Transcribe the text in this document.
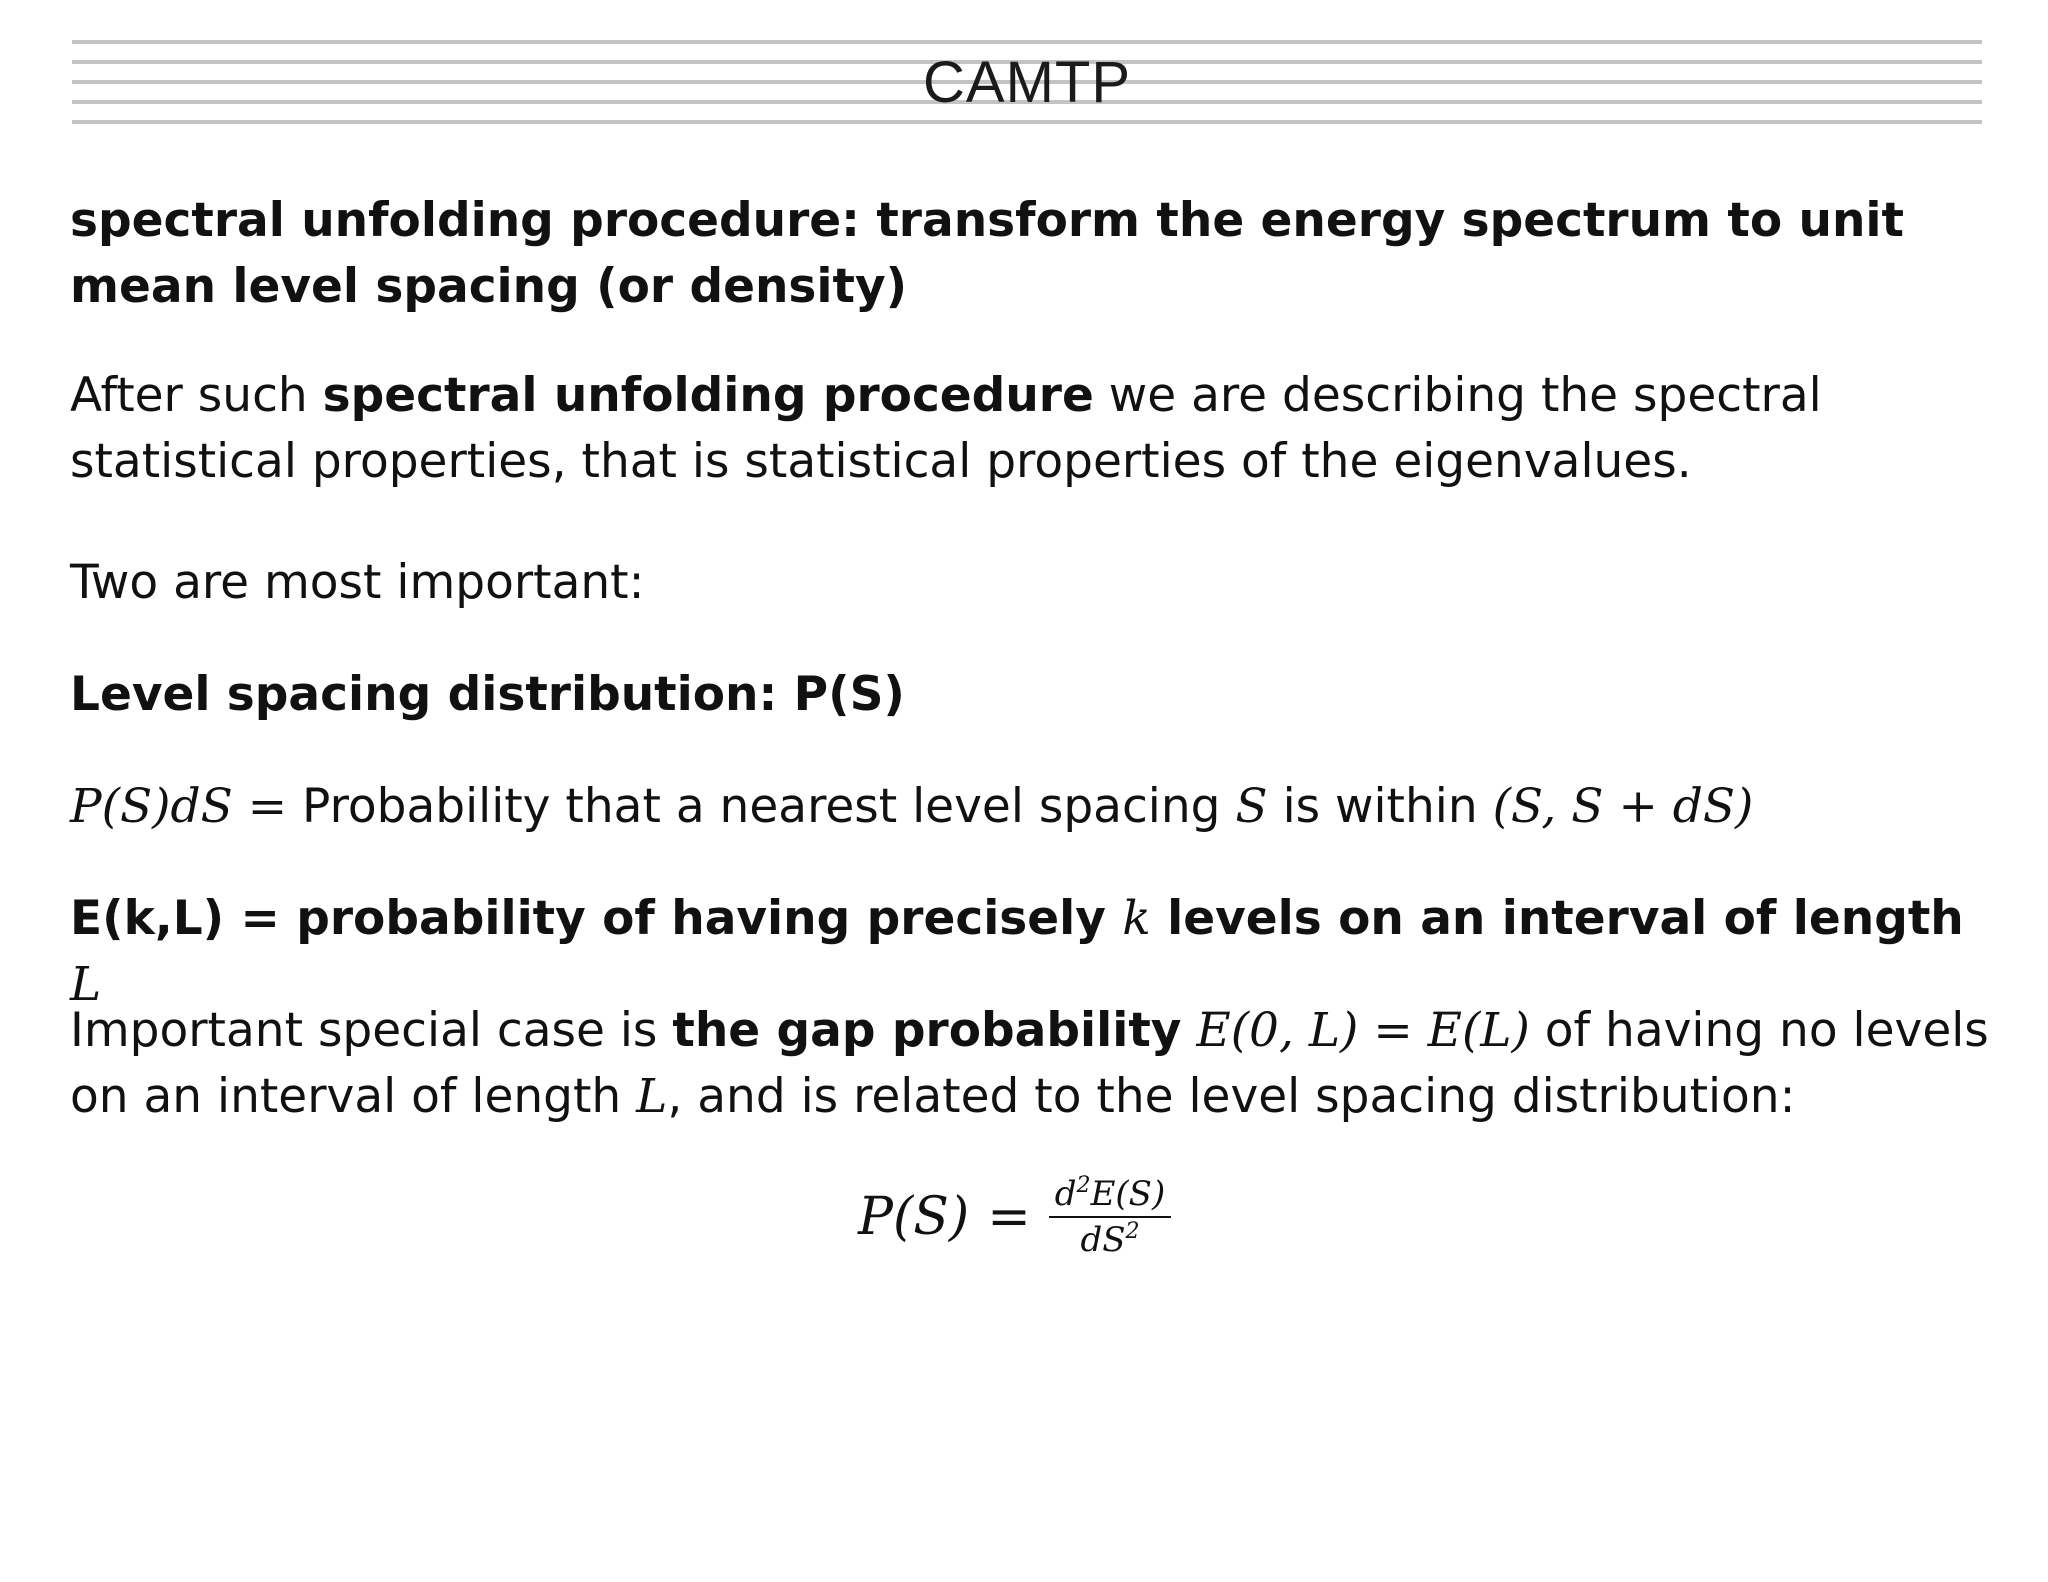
CAMTP

spectral unfolding procedure: transform the energy spectrum to unit mean level spacing (or density)

After such spectral unfolding procedure we are describing the spectral statistical properties, that is statistical properties of the eigenvalues.

Two are most important:

Level spacing distribution: P(S)

P(S)dS = Probability that a nearest level spacing S is within (S, S + dS)

E(k,L) = probability of having precisely k levels on an interval of length L

Important special case is the gap probability E(0, L) = E(L) of having no levels on an interval of length L, and is related to the level spacing distribution:

$P(S) = \frac{d^2E(S)}{dS^2}$
